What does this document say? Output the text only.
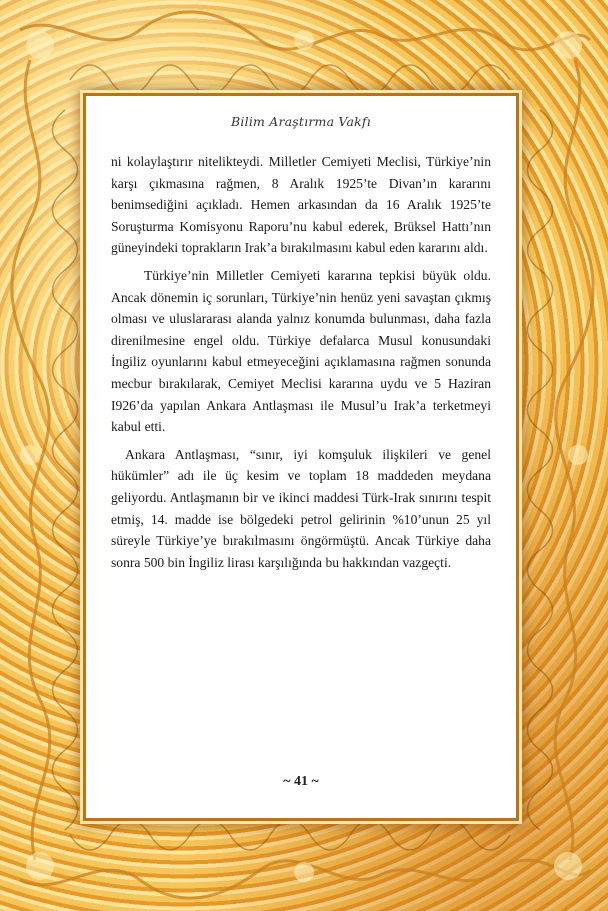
Bilim Araştırma Vakfı

ni kolaylaştırır nitelikteydi. Milletler Cemiyeti Meclisi, Türkiye’nin karşı çıkmasına rağmen, 8 Aralık 1925’te Divan’ın kararını benimsediğini açıkladı. Hemen arkasından da 16 Aralık 1925’te Soruşturma Komisyonu Raporu’nu kabul ederek, Brüksel Hattı’nın güneyindeki toprakların Irak’a bırakılmasını kabul eden kararını aldı.

Türkiye’nin Milletler Cemiyeti kararına tepkisi büyük oldu. Ancak dönemin iç sorunları, Türkiye’nin henüz yeni savaştan çıkmış olması ve uluslararası alanda yalnız konumda bulunması, daha fazla direnilmesine engel oldu. Türkiye defalarca Musul konusundaki İngiliz oyunlarını kabul etmeyeceğini açıklamasına rağmen sonunda mecbur bırakılarak, Cemiyet Meclisi kararına uydu ve 5 Haziran I926’da yapılan Ankara Antlaşması ile Musul’u Irak’a terketmeyi kabul etti.

Ankara Antlaşması, “sınır, iyi komşuluk ilişkileri ve genel hükümler” adı ile üç kesim ve toplam 18 maddeden meydana geliyordu. Antlaşmanın bir ve ikinci maddesi Türk-Irak sınırını tespit etmiş, 14. madde ise bölgedeki petrol gelirinin %10’unun 25 yıl süreyle Türkiye’ye bırakılmasını öngörmüştü. Ancak Türkiye daha sonra 500 bin İngiliz lirası karşılığında bu hakkından vazgeçti.

~ 41 ~
